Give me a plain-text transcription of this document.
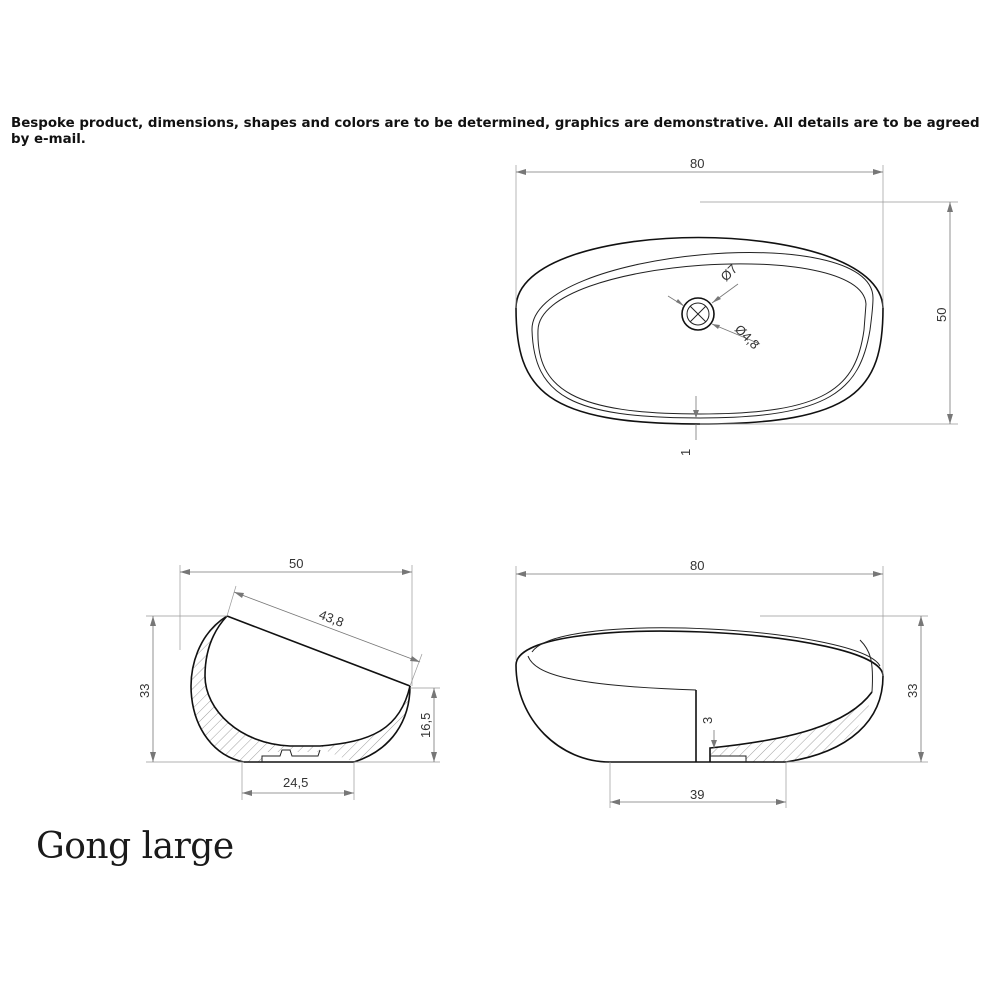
Bespoke product, dimensions, shapes and colors are to be determined, graphics are demonstrative. All details are to be agreed by e-mail.

Ø7
Ø4,8
80
50
1
50
43,8
33
16,5
24,5
80
33
3
39
Gong large
